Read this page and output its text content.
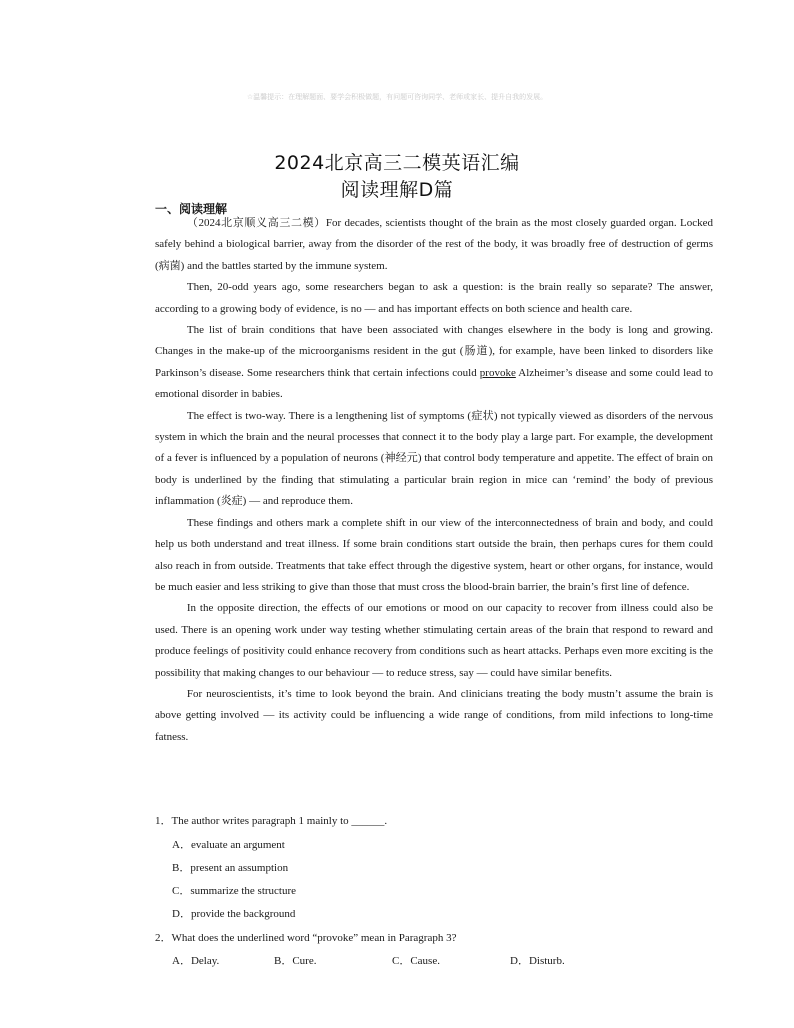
☆温馨提示：在理解题面、要学会积极做题，有问题可咨询同学、老师或家长、提升自我的发展。
2024北京高三二模英语汇编
阅读理解D篇
一、阅读理解

（2024北京顺义高三二模）For decades, scientists thought of the brain as the most closely guarded organ. Locked safely behind a biological barrier, away from the disorder of the rest of the body, it was broadly free of destruction of germs (病菌) and the battles started by the immune system.

Then, 20-odd years ago, some researchers began to ask a question: is the brain really so separate? The answer, according to a growing body of evidence, is no — and has important effects on both science and health care.

The list of brain conditions that have been associated with changes elsewhere in the body is long and growing. Changes in the make-up of the microorganisms resident in the gut (肠道), for example, have been linked to disorders like Parkinson’s disease. Some researchers think that certain infections could provoke Alzheimer’s disease and some could lead to emotional disorder in babies.

The effect is two-way. There is a lengthening list of symptoms (症状) not typically viewed as disorders of the nervous system in which the brain and the neural processes that connect it to the body play a large part. For example, the development of a fever is influenced by a population of neurons (神经元) that control body temperature and appetite. The effect of brain on body is underlined by the finding that stimulating a particular brain region in mice can ‘remind’ the body of previous inflammation (炎症) — and reproduce them.

These findings and others mark a complete shift in our view of the interconnectedness of brain and body, and could help us both understand and treat illness. If some brain conditions start outside the brain, then perhaps cures for them could also reach in from outside. Treatments that take effect through the digestive system, heart or other organs, for instance, would be much easier and less striking to give than those that must cross the blood-brain barrier, the brain’s first line of defence.

In the opposite direction, the effects of our emotions or mood on our capacity to recover from illness could also be used. There is an opening work under way testing whether stimulating certain areas of the brain that respond to reward and produce feelings of positivity could enhance recovery from conditions such as heart attacks. Perhaps even more exciting is the possibility that making changes to our behaviour — to reduce stress, say — could have similar benefits.

For neuroscientists, it’s time to look beyond the brain. And clinicians treating the body mustn’t assume the brain is above getting involved — its activity could be influencing a wide range of conditions, from mild infections to long-time fatness.

1．The author writes paragraph 1 mainly to ______.
A．evaluate an argument
B．present an assumption
C．summarize the structure
D．provide the background
2．What does the underlined word “provoke” mean in Paragraph 3?
A．Delay.	B．Cure.	C．Cause.	D．Disturb.
